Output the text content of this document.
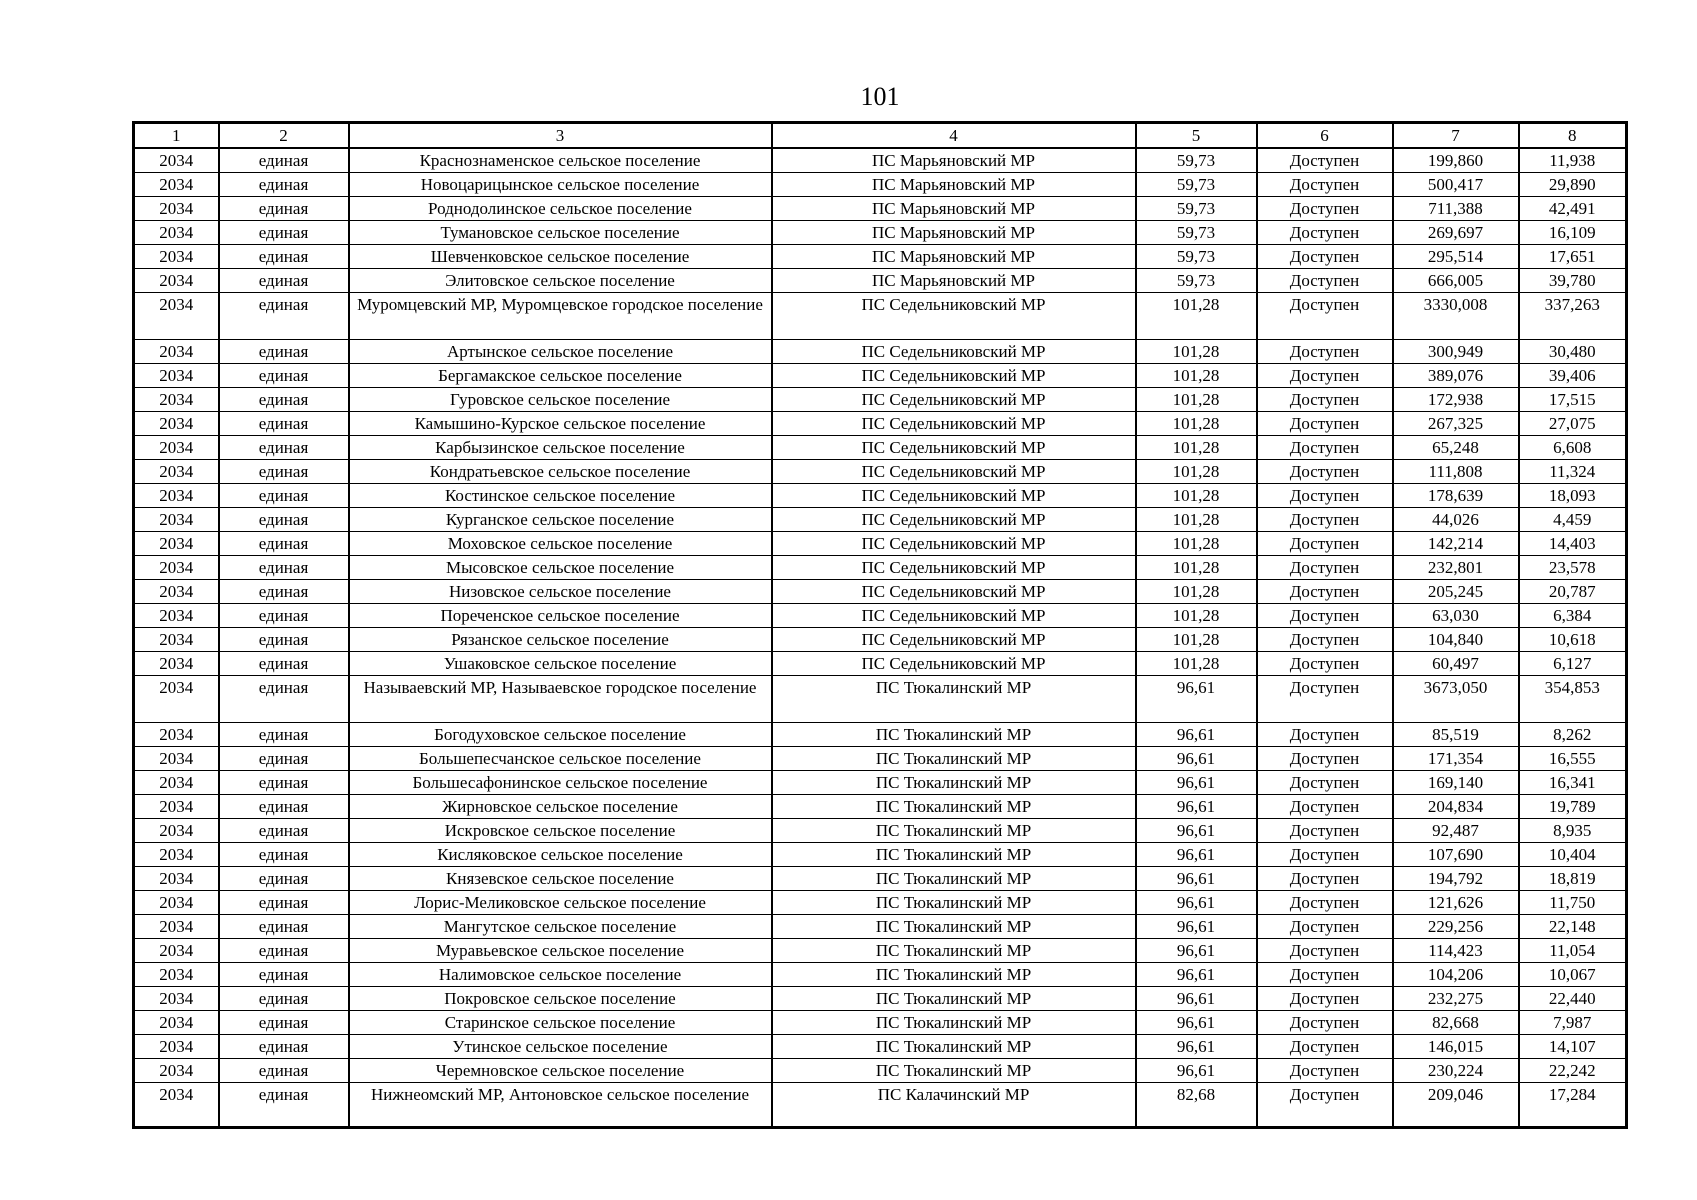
101
1	2	3	4	5	6	7	8
2034	единая	Краснознаменское сельское поселение	ПС Марьяновский МР	59,73	Доступен	199,860	11,938
2034	единая	Новоцарицынское сельское поселение	ПС Марьяновский МР	59,73	Доступен	500,417	29,890
2034	единая	Роднодолинское сельское поселение	ПС Марьяновский МР	59,73	Доступен	711,388	42,491
2034	единая	Тумановское сельское поселение	ПС Марьяновский МР	59,73	Доступен	269,697	16,109
2034	единая	Шевченковское сельское поселение	ПС Марьяновский МР	59,73	Доступен	295,514	17,651
2034	единая	Элитовское сельское поселение	ПС Марьяновский МР	59,73	Доступен	666,005	39,780
2034	единая	Муромцевский МР, Муромцевское городское поселение	ПС Седельниковский МР	101,28	Доступен	3330,008	337,263
2034	единая	Артынское сельское поселение	ПС Седельниковский МР	101,28	Доступен	300,949	30,480
2034	единая	Бергамакское сельское поселение	ПС Седельниковский МР	101,28	Доступен	389,076	39,406
2034	единая	Гуровское сельское поселение	ПС Седельниковский МР	101,28	Доступен	172,938	17,515
2034	единая	Камышино-Курское сельское поселение	ПС Седельниковский МР	101,28	Доступен	267,325	27,075
2034	единая	Карбызинское сельское поселение	ПС Седельниковский МР	101,28	Доступен	65,248	6,608
2034	единая	Кондратьевское сельское поселение	ПС Седельниковский МР	101,28	Доступен	111,808	11,324
2034	единая	Костинское сельское поселение	ПС Седельниковский МР	101,28	Доступен	178,639	18,093
2034	единая	Курганское сельское поселение	ПС Седельниковский МР	101,28	Доступен	44,026	4,459
2034	единая	Моховское сельское поселение	ПС Седельниковский МР	101,28	Доступен	142,214	14,403
2034	единая	Мысовское сельское поселение	ПС Седельниковский МР	101,28	Доступен	232,801	23,578
2034	единая	Низовское сельское поселение	ПС Седельниковский МР	101,28	Доступен	205,245	20,787
2034	единая	Пореченское сельское поселение	ПС Седельниковский МР	101,28	Доступен	63,030	6,384
2034	единая	Рязанское сельское поселение	ПС Седельниковский МР	101,28	Доступен	104,840	10,618
2034	единая	Ушаковское сельское поселение	ПС Седельниковский МР	101,28	Доступен	60,497	6,127
2034	единая	Называевский МР, Называевское городское поселение	ПС Тюкалинский МР	96,61	Доступен	3673,050	354,853
2034	единая	Богодуховское сельское поселение	ПС Тюкалинский МР	96,61	Доступен	85,519	8,262
2034	единая	Большепесчанское сельское поселение	ПС Тюкалинский МР	96,61	Доступен	171,354	16,555
2034	единая	Большесафонинское сельское поселение	ПС Тюкалинский МР	96,61	Доступен	169,140	16,341
2034	единая	Жирновское сельское поселение	ПС Тюкалинский МР	96,61	Доступен	204,834	19,789
2034	единая	Искровское сельское поселение	ПС Тюкалинский МР	96,61	Доступен	92,487	8,935
2034	единая	Кисляковское сельское поселение	ПС Тюкалинский МР	96,61	Доступен	107,690	10,404
2034	единая	Князевское сельское поселение	ПС Тюкалинский МР	96,61	Доступен	194,792	18,819
2034	единая	Лорис-Меликовское сельское поселение	ПС Тюкалинский МР	96,61	Доступен	121,626	11,750
2034	единая	Мангутское сельское поселение	ПС Тюкалинский МР	96,61	Доступен	229,256	22,148
2034	единая	Муравьевское сельское поселение	ПС Тюкалинский МР	96,61	Доступен	114,423	11,054
2034	единая	Налимовское сельское поселение	ПС Тюкалинский МР	96,61	Доступен	104,206	10,067
2034	единая	Покровское сельское поселение	ПС Тюкалинский МР	96,61	Доступен	232,275	22,440
2034	единая	Старинское сельское поселение	ПС Тюкалинский МР	96,61	Доступен	82,668	7,987
2034	единая	Утинское сельское поселение	ПС Тюкалинский МР	96,61	Доступен	146,015	14,107
2034	единая	Черемновское сельское поселение	ПС Тюкалинский МР	96,61	Доступен	230,224	22,242
2034	единая	Нижнеомский МР, Антоновское сельское поселение	ПС Калачинский МР	82,68	Доступен	209,046	17,284
